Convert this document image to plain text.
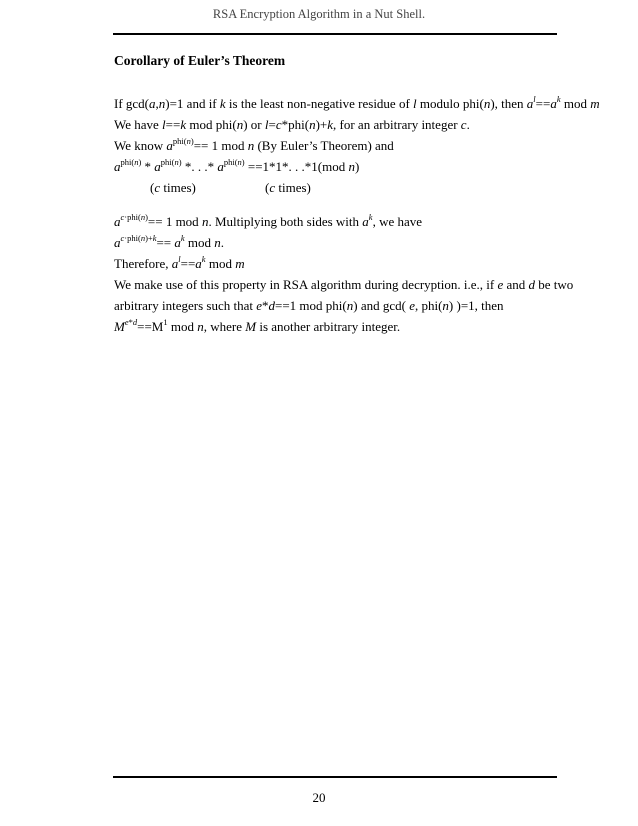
RSA Encryption Algorithm in a Nut Shell.
Corollary of Euler’s Theorem
If gcd(a,n)=1 and if k is the least non-negative residue of l modulo phi(n), then $a^l==a^k$ mod m
We have l==k mod phi(n) or l=c*phi(n)+k, for an arbitrary integer c.
We know $a^{phi(n)}== 1$ mod n (By Euler’s Theorem) and
$a^{phi(n)} * a^{phi(n)}$ *. . .* $a^{phi(n)} ==1*1*$. . .*1(mod n)
(c times)	(c times)
$a^{c\cdot phi(n)}== 1$ mod n. Multiplying both sides with $a^k$, we have
$a^{c\cdot phi(n)+k}== a^k$ mod n.
Therefore, $a^l==a^k$ mod m
We make use of this property in RSA algorithm during decryption. i.e., if e and d be two
arbitrary integers such that e*d==1 mod phi(n) and gcd( e, phi(n) )=1, then
$M^{e*d}==M^1$ mod n, where M is another arbitrary integer.
20
